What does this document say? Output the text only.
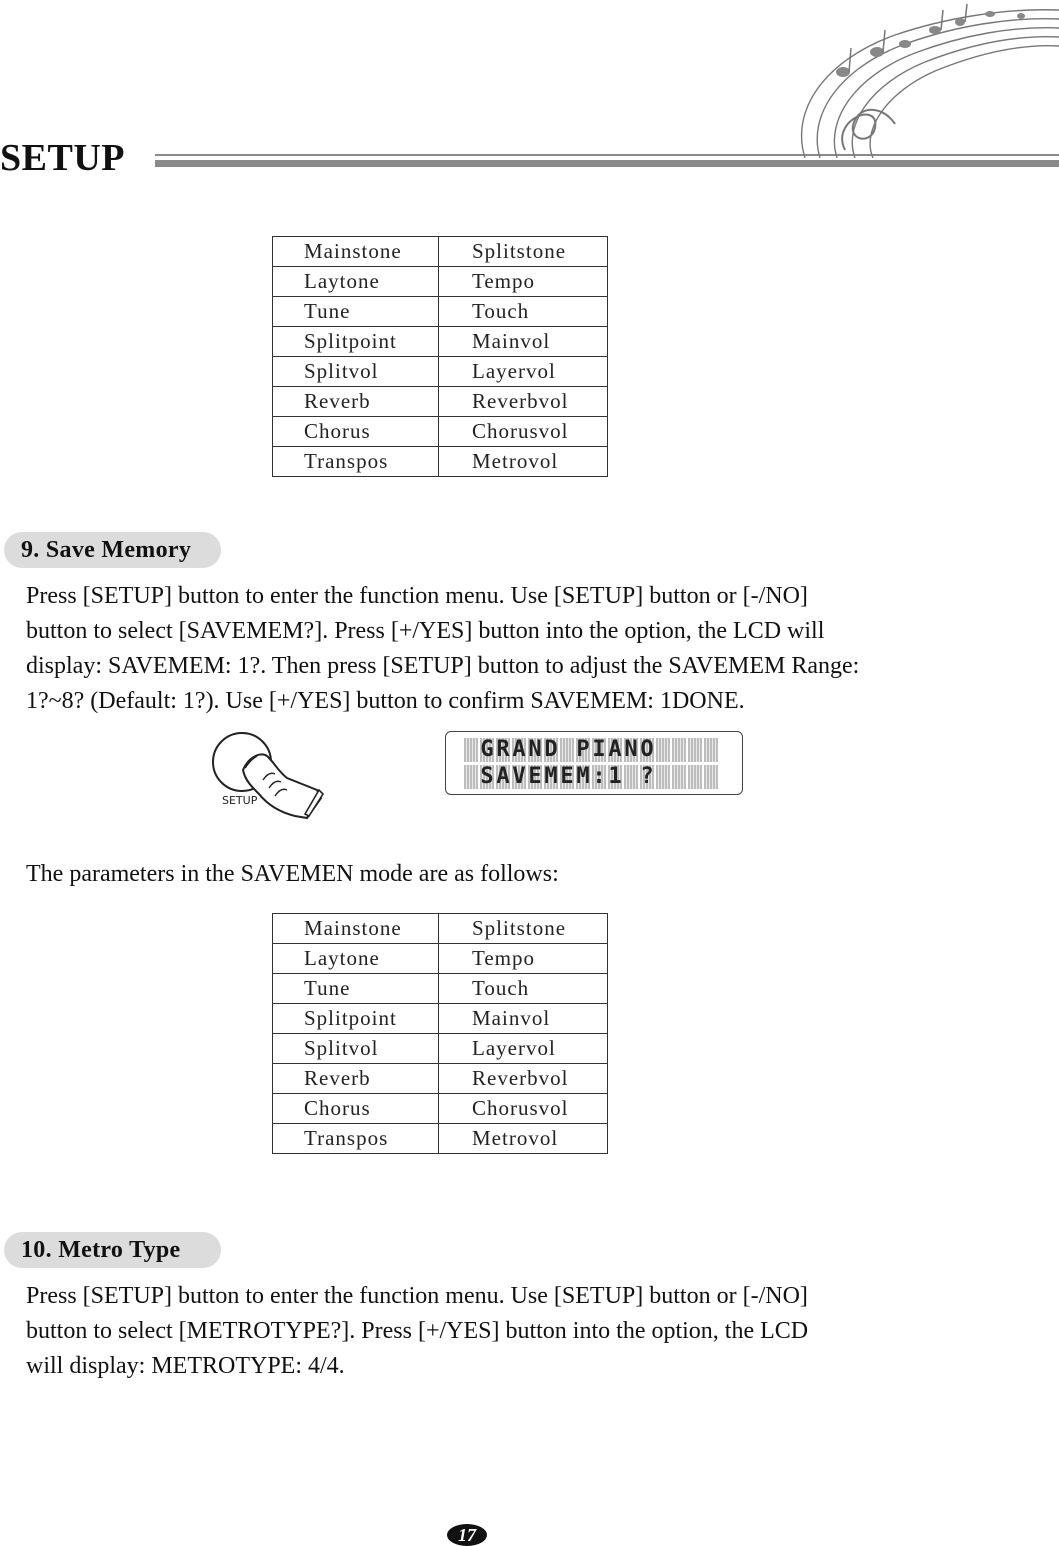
SETUP
Mainstone	Splitstone
Laytone	Tempo
Tune	Touch
Splitpoint	Mainvol
Splitvol	Layervol
Reverb	Reverbvol
Chorus	Chorusvol
Transpos	Metrovol
9. Save Memory
Press [SETUP] button to enter the function menu. Use [SETUP] button or [-/NO]
button to select [SAVEMEM?]. Press [+/YES] button into the option, the LCD will
display: SAVEMEM: 1?. Then press [SETUP] button to adjust the SAVEMEM Range:
1?~8? (Default: 1?). Use [+/YES] button to confirm SAVEMEM: 1DONE.
SETUP
G R A N D P I A N O
S A V E M E M : 1 ?
The parameters in the SAVEMEN mode are as follows:
Mainstone	Splitstone
Laytone	Tempo
Tune	Touch
Splitpoint	Mainvol
Splitvol	Layervol
Reverb	Reverbvol
Chorus	Chorusvol
Transpos	Metrovol
10. Metro Type
Press [SETUP] button to enter the function menu. Use [SETUP] button or [-/NO]
button to select [METROTYPE?]. Press [+/YES] button into the option, the LCD
will display: METROTYPE: 4/4.
17
